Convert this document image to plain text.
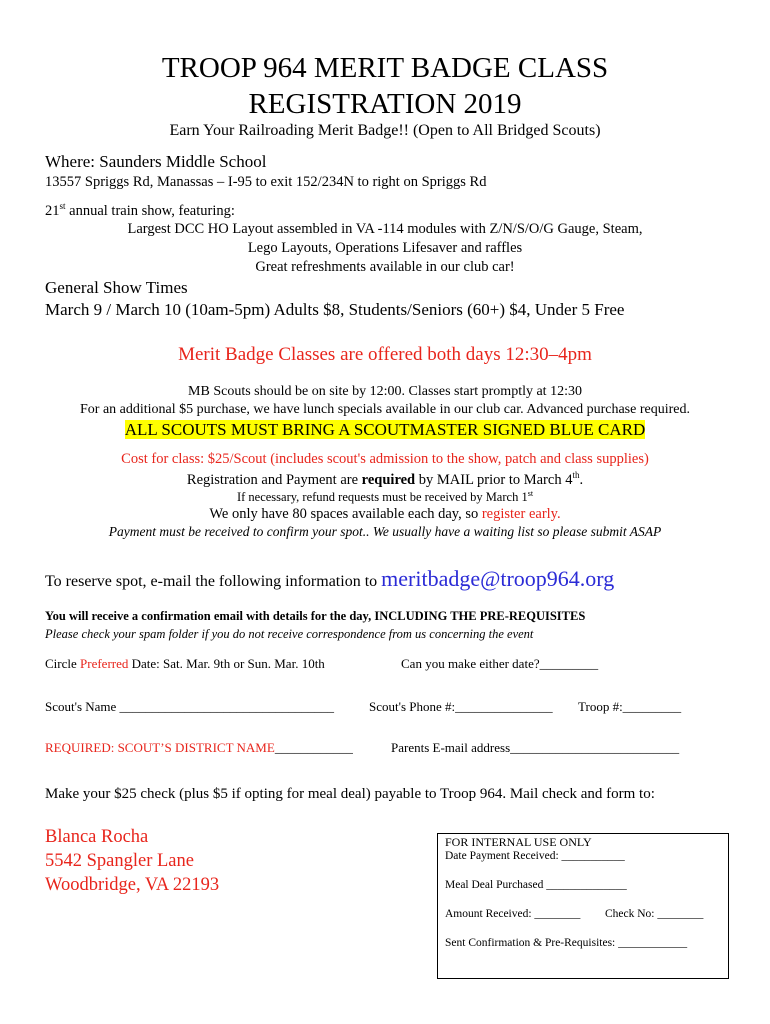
TROOP 964 MERIT BADGE CLASS
REGISTRATION 2019
Earn Your Railroading Merit Badge!! (Open to All Bridged Scouts)
Where: Saunders Middle School
13557 Spriggs Rd, Manassas – I-95 to exit 152/234N to right on Spriggs Rd
21st annual train show, featuring:
Largest DCC HO Layout assembled in VA -114 modules with Z/N/S/O/G Gauge, Steam,
Lego Layouts, Operations Lifesaver and raffles
Great refreshments available in our club car!
General Show Times
March 9 / March 10 (10am-5pm) Adults $8, Students/Seniors (60+) $4, Under 5 Free
Merit Badge Classes are offered both days 12:30–4pm
MB Scouts should be on site by 12:00. Classes start promptly at 12:30
For an additional $5 purchase, we have lunch specials available in our club car. Advanced purchase required.
ALL SCOUTS MUST BRING A SCOUTMASTER SIGNED BLUE CARD
Cost for class: $25/Scout (includes scout's admission to the show, patch and class supplies)
Registration and Payment are required by MAIL prior to March 4th.
If necessary, refund requests must be received by March 1st
We only have 80 spaces available each day, so register early.
Payment must be received to confirm your spot.. We usually have a waiting list so please submit ASAP
To reserve spot, e-mail the following information to meritbadge@troop964.org
You will receive a confirmation email with details for the day, INCLUDING THE PRE-REQUISITES
Please check your spam folder if you do not receive correspondence from us concerning the event
Circle Preferred Date: Sat. Mar. 9th or Sun. Mar. 10th	Can you make either date?_________
Scout's Name _________________________________	Scout's Phone #:_______________ Troop #:_________
REQUIRED: SCOUT’S DISTRICT NAME____________	Parents E-mail address__________________________
Make your $25 check (plus $5 if opting for meal deal) payable to Troop 964. Mail check and form to:
Blanca Rocha
5542 Spangler Lane
Woodbridge, VA 22193
FOR INTERNAL USE ONLY
Date Payment Received: ___________
Meal Deal Purchased ______________
Amount Received: ________ Check No: ________
Sent Confirmation & Pre-Requisites: ____________
